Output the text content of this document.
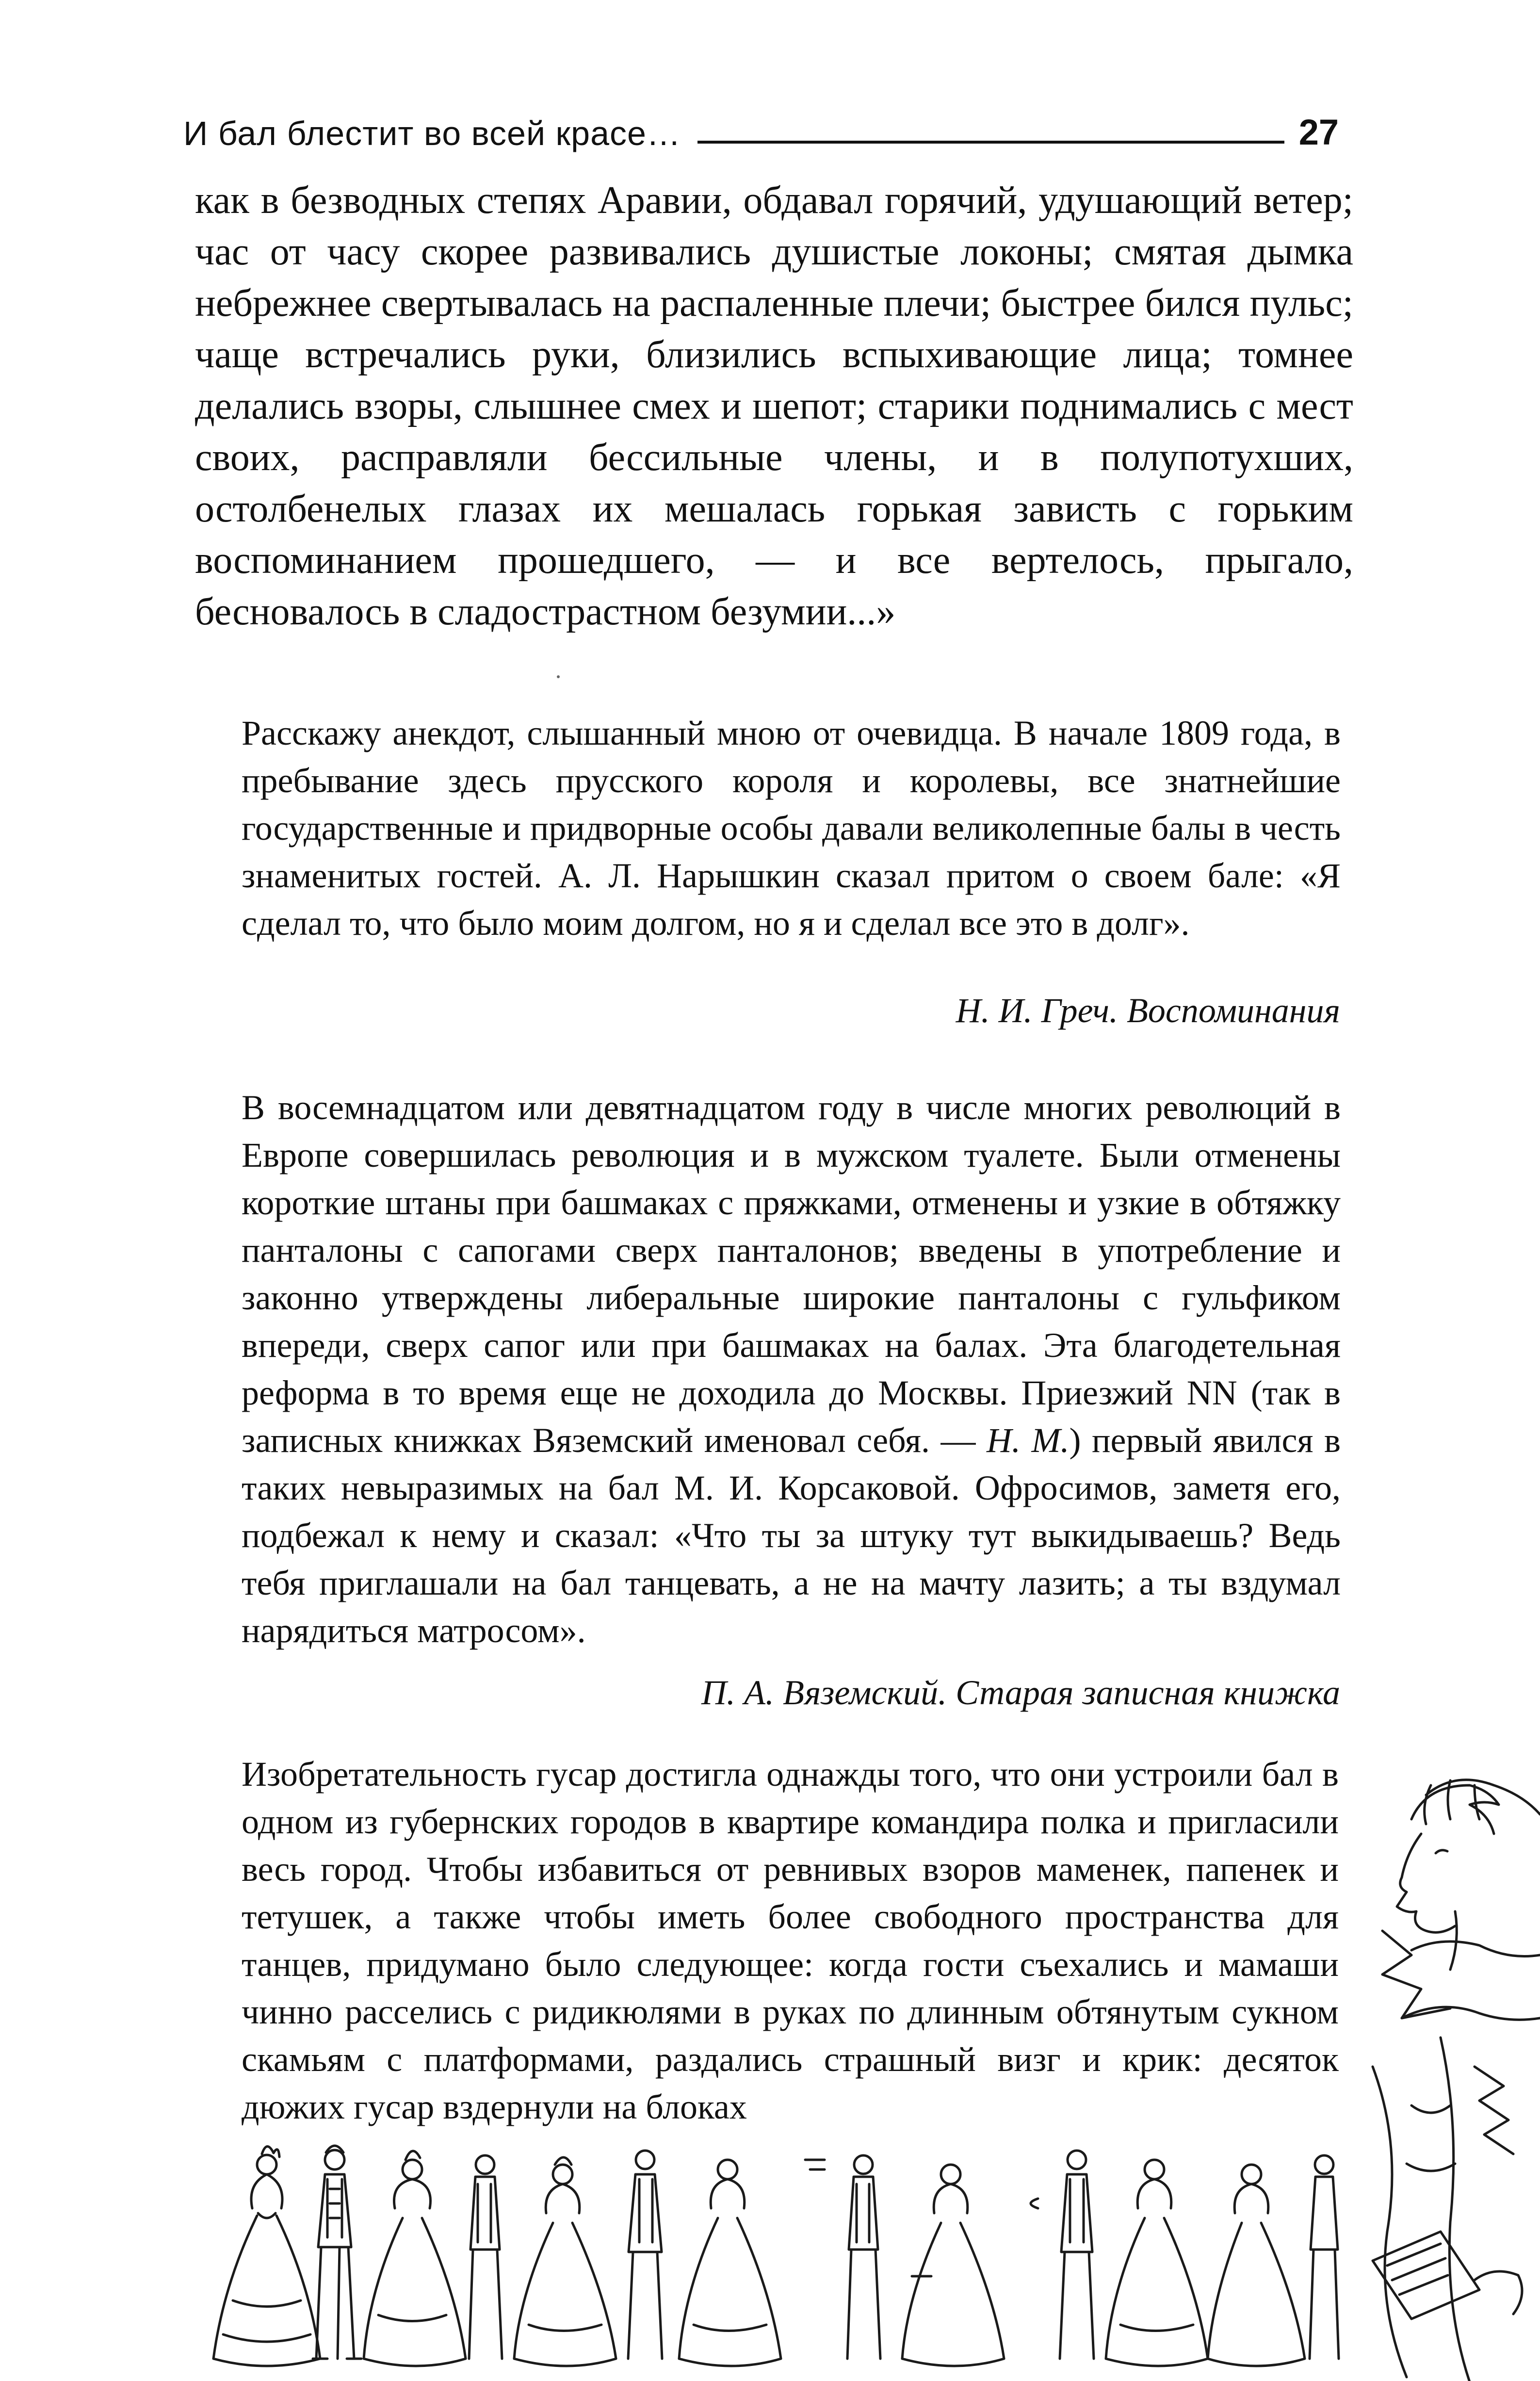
И бал блестит во всей красе…	27

как в безводных степях Аравии, обдавал горячий, удушающий ветер; час от часу скорее развивались душистые локоны; смятая дымка небрежнее свертывалась на распаленные плечи; быстрее бился пульс; чаще встречались руки, близились вспыхивающие лица; томнее делались взоры, слышнее смех и шепот; старики поднимались с мест своих, расправляли бессильные члены, и в полупотухших, остолбенелых глазах их мешалась горькая зависть с горьким воспоминанием прошедшего, — и все вертелось, прыгало, бесновалось в сладострастном безумии...»

Расскажу анекдот, слышанный мною от очевидца. В начале 1809 года, в пребывание здесь прусского короля и королевы, все знатнейшие государственные и придворные особы давали великолепные балы в честь знаменитых гостей. А. Л. Нарышкин сказал притом о своем бале: «Я сделал то, что было моим долгом, но я и сделал все это в долг».

Н. И. Греч. Воспоминания

В восемнадцатом или девятнадцатом году в числе многих революций в Европе совершилась революция и в мужском туалете. Были отменены короткие штаны при башмаках с пряжками, отменены и узкие в обтяжку панталоны с сапогами сверх панталонов; введены в употребление и законно утверждены либеральные широкие панталоны с гульфиком впереди, сверх сапог или при башмаках на балах. Эта благодетельная реформа в то время еще не доходила до Москвы. Приезжий NN (так в записных книжках Вяземский именовал себя. — Н. М.) первый явился в таких невыразимых на бал М. И. Корсаковой. Офросимов, заметя его, подбежал к нему и сказал: «Что ты за штуку тут выкидываешь? Ведь тебя приглашали на бал танцевать, а не на мачту лазить; а ты вздумал нарядиться матросом».

П. А. Вяземский. Старая записная книжка

Изобретательность гусар достигла однажды того, что они устроили бал в одном из губернских городов в квартире командира полка и пригласили весь город. Чтобы избавиться от ревнивых взоров маменек, папенек и тетушек, а также чтобы иметь более свободного пространства для танцев, придумано было следующее: когда гости съехались и мамаши чинно расселись с ридикюлями в руках по длинным обтянутым сукном скамьям с платформами, раздались страшный визг и крик: десяток дюжих гусар вздернули на блоках
